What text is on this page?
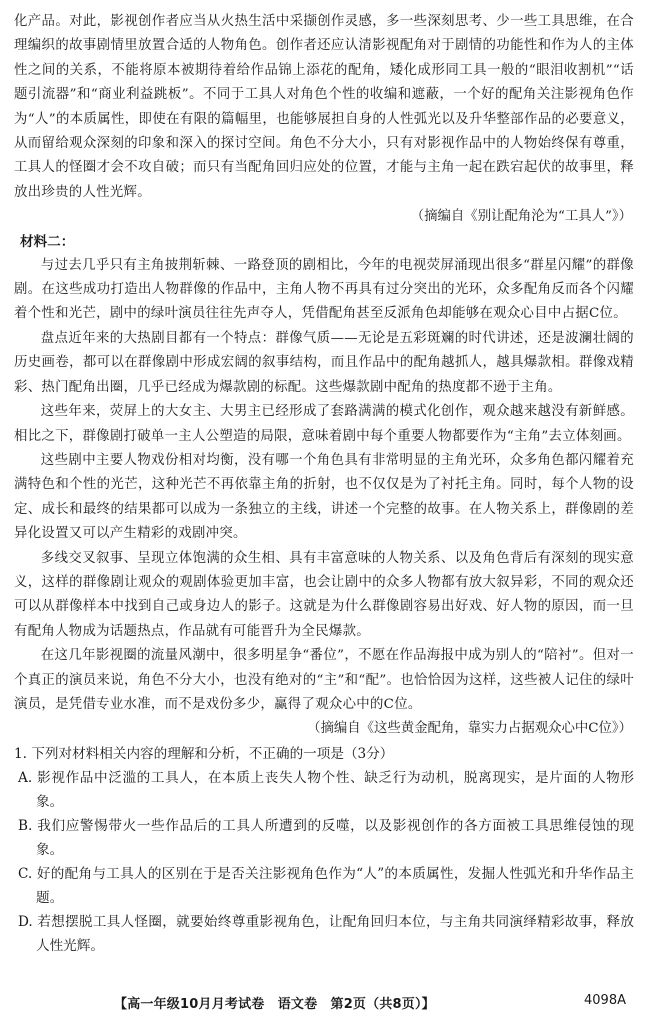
化产品。对此，影视创作者应当从火热生活中采撷创作灵感，多一些深刻思考、少一些工具思维，在合理编织的故事剧情里放置合适的人物角色。创作者还应认清影视配角对于剧情的功能性和作为人的主体性之间的关系，不能将原本被期待着给作品锦上添花的配角，矮化成形同工具一般的“眼泪收割机”“话题引流器”和“商业利益跳板”。不同于工具人对角色个性的收编和遮蔽，一个好的配角关注影视角色作为“人”的本质属性，即使在有限的篇幅里，也能够展担自身的人性弧光以及升华整部作品的必要意义，从而留给观众深刻的印象和深入的探讨空间。角色不分大小，只有对影视作品中的人物始终保有尊重，工具人的怪圈才会不攻自破；而只有当配角回归应处的位置，才能与主角一起在跌宕起伏的故事里，释放出珍贵的人性光辉。

（摘编自《别让配角沦为“工具人”》）

材料二：

与过去几乎只有主角披荆斩棘、一路登顶的剧相比，今年的电视荧屏涌现出很多“群星闪耀”的群像剧。在这些成功打造出人物群像的作品中，主角人物不再具有过分突出的光环，众多配角反而各个闪耀着个性和光芒，剧中的绿叶演员往往先声夺人，凭借配角甚至反派角色却能够在观众心目中占据C位。

盘点近年来的大热剧目都有一个特点：群像气质——无论是五彩斑斓的时代讲述，还是波澜壮阔的历史画卷，都可以在群像剧中形成宏阔的叙事结构，而且作品中的配角越抓人，越具爆款相。群像戏精彩、热门配角出圈，几乎已经成为爆款剧的标配。这些爆款剧中配角的热度都不逊于主角。

这些年来，荧屏上的大女主、大男主已经形成了套路满满的模式化创作，观众越来越没有新鲜感。相比之下，群像剧打破单一主人公塑造的局限，意味着剧中每个重要人物都要作为“主角”去立体刻画。

这些剧中主要人物戏份相对均衡，没有哪一个角色具有非常明显的主角光环，众多角色都闪耀着充满特色和个性的光芒，这种光芒不再依靠主角的折射，也不仅仅是为了衬托主角。同时，每个人物的设定、成长和最终的结果都可以成为一条独立的主线，讲述一个完整的故事。在人物关系上，群像剧的差异化设置又可以产生精彩的戏剧冲突。

多线交叉叙事、呈现立体饱满的众生相、具有丰富意味的人物关系、以及角色背后有深刻的现实意义，这样的群像剧让观众的观剧体验更加丰富，也会让剧中的众多人物都有放大叙异彩，不同的观众还可以从群像样本中找到自己或身边人的影子。这就是为什么群像剧容易出好戏、好人物的原因，而一旦有配角人物成为话题热点，作品就有可能晋升为全民爆款。

在这几年影视圈的流量风潮中，很多明星争“番位”，不愿在作品海报中成为别人的“陪衬”。但对一个真正的演员来说，角色不分大小，也没有绝对的“主”和“配”。也恰恰因为这样，这些被人记住的绿叶演员，是凭借专业水准，而不是戏份多少，赢得了观众心中的C位。

（摘编自《这些黄金配角，靠实力占据观众心中C位》）

1. 下列对材料相关内容的理解和分析，不正确的一项是（3分）

A. 影视作品中泛滥的工具人，在本质上丧失人物个性、缺乏行为动机，脱离现实，是片面的人物形象。

B. 我们应警惕带火一些作品后的工具人所遭到的反噬，以及影视创作的各方面被工具思维侵蚀的现象。

C. 好的配角与工具人的区别在于是否关注影视角色作为“人”的本质属性，发掘人性弧光和升华作品主题。

D. 若想摆脱工具人怪圈，就要始终尊重影视角色，让配角回归本位，与主角共同演绎精彩故事，释放人性光辉。

【高一年级10月月考试卷　语文卷　第2页（共8页）】	4098A
